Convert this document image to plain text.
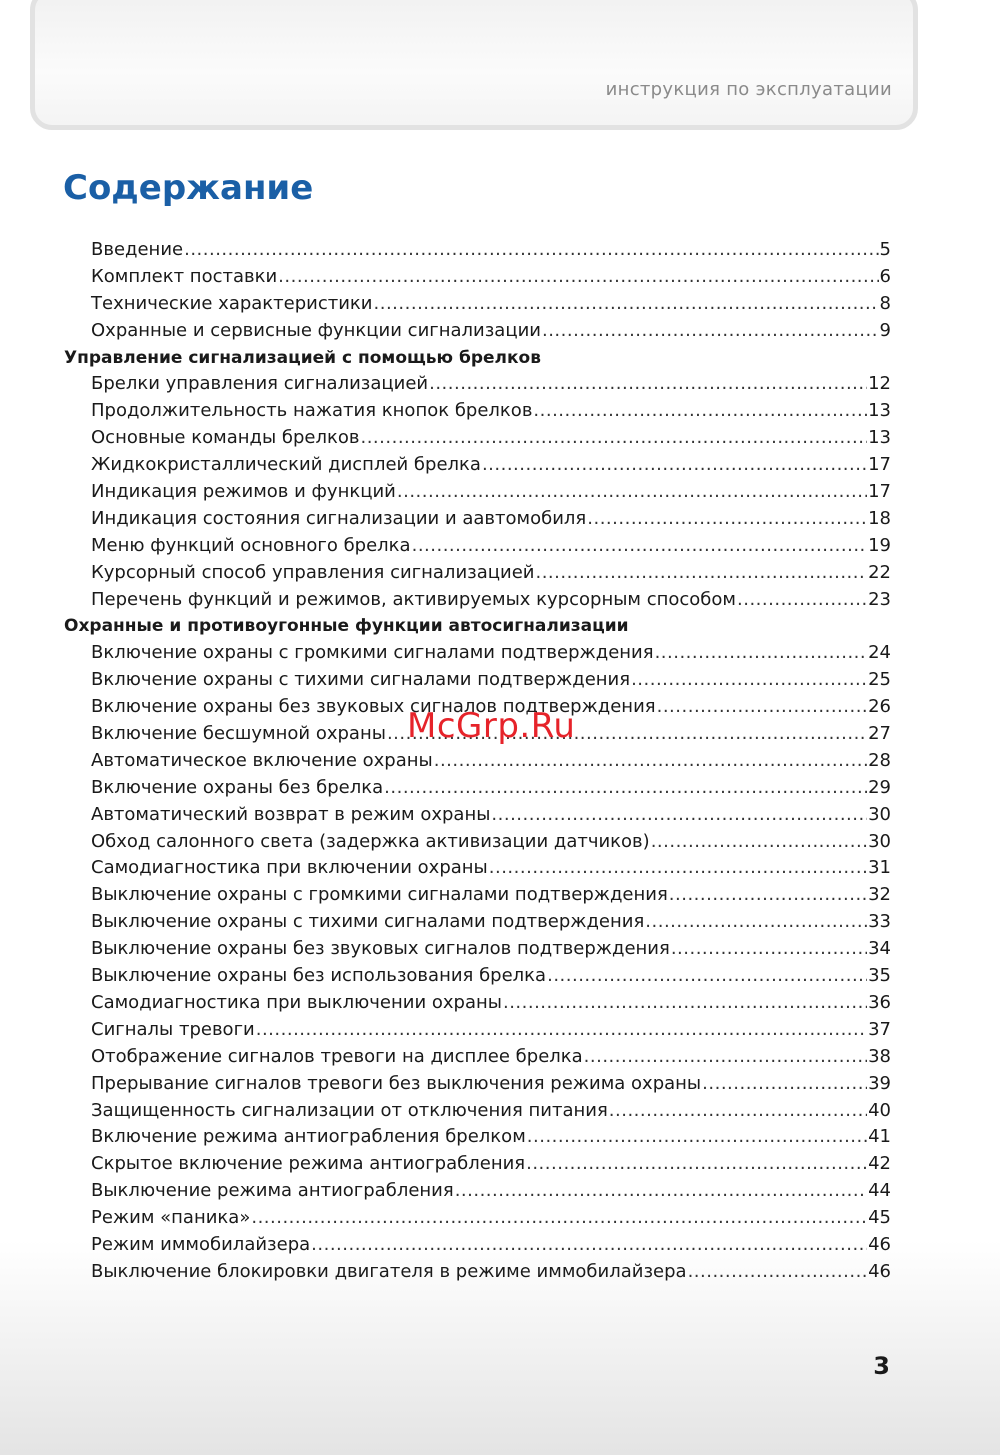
инструкция по эксплуатации
Содержание
Введение .....	5
Комплект поставки .....	6
Технические характеристики .....	8
Охранные и сервисные функции сигнализации .....	9
Управление сигнализацией с помощью брелков
Брелки управления сигнализацией .....	12
Продолжительность нажатия кнопок брелков .....	13
Основные команды брелков .....	13
Жидкокристаллический дисплей брелка .....	17
Индикация режимов и функций .....	17
Индикация состояния сигнализации и аавтомобиля .....	18
Меню функций основного брелка .....	19
Курсорный способ управления сигнализацией .....	22
Перечень функций и режимов, активируемых курсорным способом .....	23
Охранные и противоугонные функции автосигнализации
Включение охраны с громкими сигналами подтверждения .....	24
Включение охраны с тихими сигналами подтверждения .....	25
Включение охраны без звуковых сигналов подтверждения .....	26
Включение бесшумной охраны .....	27
Автоматическое включение охраны .....	28
Включение охраны без брелка .....	29
Автоматический возврат в режим охраны .....	30
Обход салонного света (задержка активизации датчиков) .....	30
Самодиагностика при включении охраны .....	31
Выключение охраны с громкими сигналами подтверждения .....	32
Выключение охраны с тихими сигналами подтверждения .....	33
Выключение охраны без звуковых сигналов подтверждения .....	34
Выключение охраны без использования брелка .....	35
Самодиагностика при выключении охраны .....	36
Сигналы тревоги .....	37
Отображение сигналов тревоги на дисплее брелка .....	38
Прерывание сигналов тревоги без выключения режима охраны .....	39
Защищенность сигнализации от отключения питания .....	40
Включение режима антиограбления брелком .....	41
Скрытое включение режима антиограбления .....	42
Выключение режима антиограбления .....	44
Режим «паника» .....	45
Режим иммобилайзера .....	46
Выключение блокировки двигателя в режиме иммобилайзера .....	46
McGrp.Ru
3
